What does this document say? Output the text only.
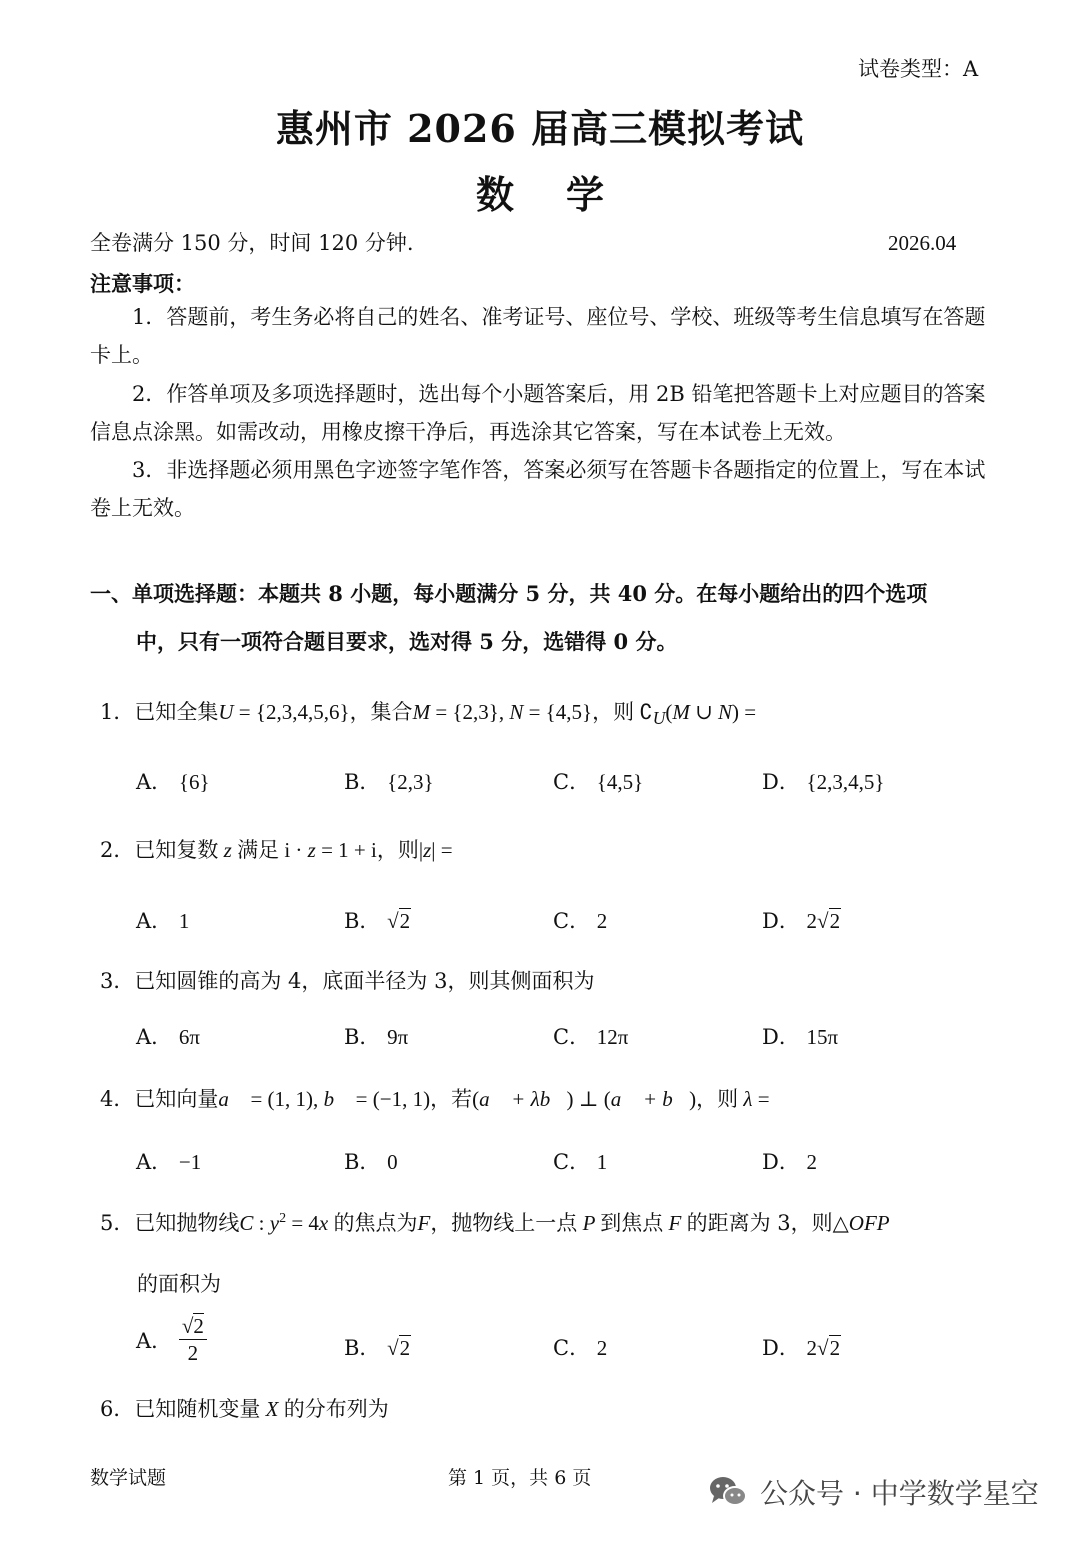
试卷类型：A
惠州市 2026 届高三模拟考试
数 学
全卷满分 150 分，时间 120 分钟.	2026.04
注意事项：
1．答题前，考生务必将自己的姓名、准考证号、座位号、学校、班级等考生信息填写在答题卡上。
2．作答单项及多项选择题时，选出每个小题答案后，用 2B 铅笔把答题卡上对应题目的答案信息点涂黑。如需改动，用橡皮擦干净后，再选涂其它答案，写在本试卷上无效。
3．非选择题必须用黑色字迹签字笔作答，答案必须写在答题卡各题指定的位置上，写在本试卷上无效。
一、单项选择题：本题共 8 小题，每小题满分 5 分，共 40 分。在每小题给出的四个选项
中，只有一项符合题目要求，选对得 5 分，选错得 0 分。
1．已知全集U = {2,3,4,5,6}，集合M = {2,3}, N = {4,5}，则 $∁_U(M$ ∪ N) =
A． {6}	B． {2,3}	C． {4,5}	D． {2,3,4,5}
2．已知复数 z 满足 i · z = 1 + i，则|z| =
A． 1	B． √2	C． 2	D． 2√2
3．已知圆锥的高为 4，底面半径为 3，则其侧面积为
A． 6π	B． 9π	C． 12π	D． 15π
4．已知向量a⃗ = (1, 1), b⃗ = (−1, 1)，若(a⃗ + λb⃗) ⊥ (a⃗ + b⃗)，则 λ =
A． −1	B． 0	C． 1	D． 2
5．已知抛物线C : $y^2 = 4x$ 的焦点为F，抛物线上一点 P 到焦点 F 的距离为 3，则△OFP
的面积为
A． $\frac{√2}{2}$	B． √2	C． 2	D． 2√2
6．已知随机变量 X 的分布列为
数学试题	第 1 页，共 6 页	公众号 · 中学数学星空
